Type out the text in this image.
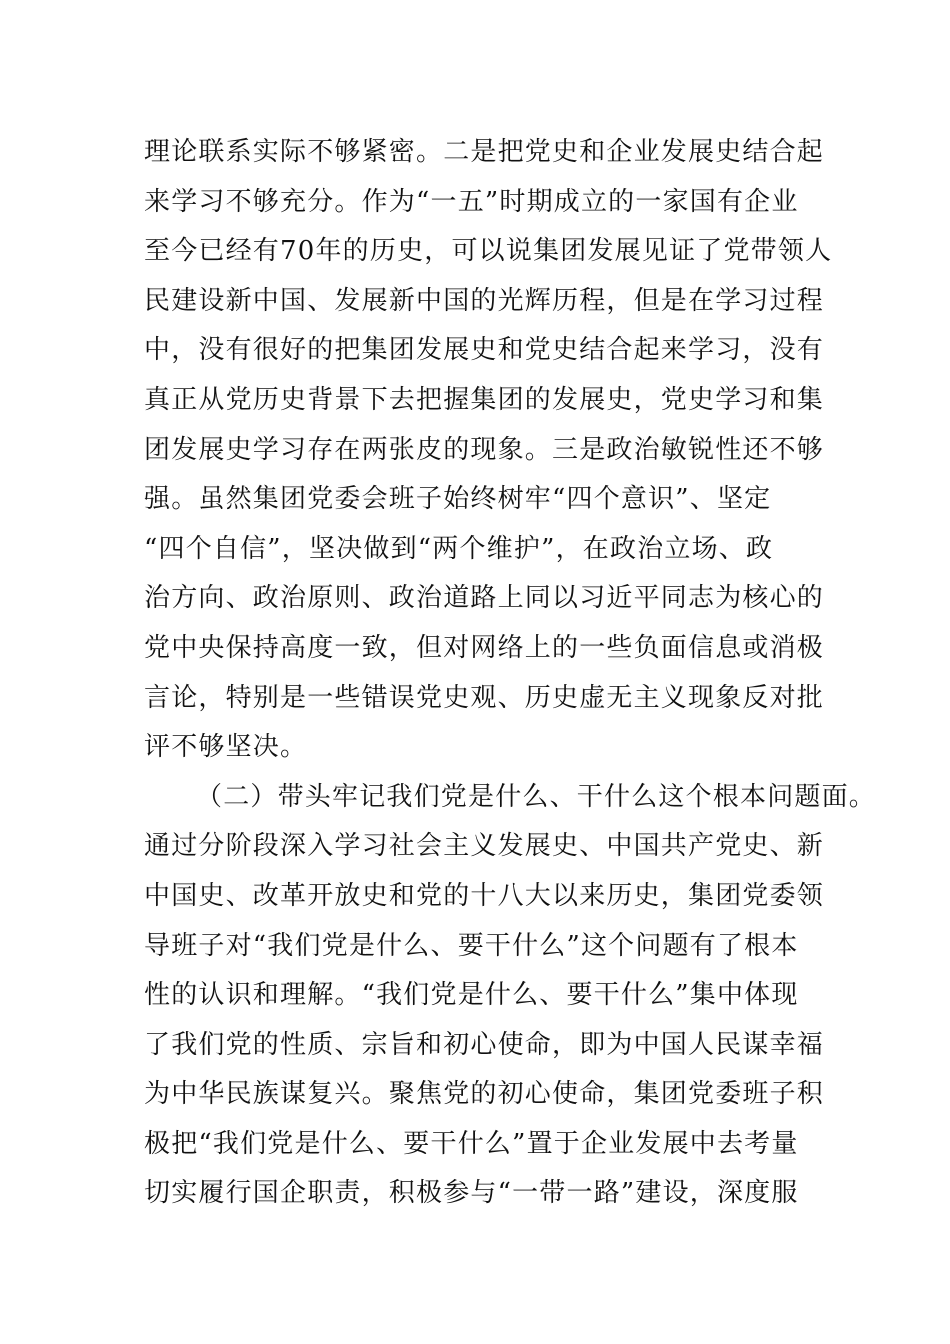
理论联系实际不够紧密。二是把党史和企业发展史结合起
来学习不够充分。作为“一五”时期成立的一家国有企业
至今已经有70年的历史，可以说集团发展见证了党带领人
民建设新中国、发展新中国的光辉历程，但是在学习过程
中，没有很好的把集团发展史和党史结合起来学习，没有
真正从党历史背景下去把握集团的发展史，党史学习和集
团发展史学习存在两张皮的现象。三是政治敏锐性还不够
强。虽然集团党委会班子始终树牢“四个意识”、坚定
“四个自信”，坚决做到“两个维护”，在政治立场、政
治方向、政治原则、政治道路上同以习近平同志为核心的
党中央保持高度一致，但对网络上的一些负面信息或消极
言论，特别是一些错误党史观、历史虚无主义现象反对批
评不够坚决。
（二）带头牢记我们党是什么、干什么这个根本问题面。
通过分阶段深入学习社会主义发展史、中国共产党史、新
中国史、改革开放史和党的十八大以来历史，集团党委领
导班子对“我们党是什么、要干什么”这个问题有了根本
性的认识和理解。“我们党是什么、要干什么”集中体现
了我们党的性质、宗旨和初心使命，即为中国人民谋幸福
为中华民族谋复兴。聚焦党的初心使命，集团党委班子积
极把“我们党是什么、要干什么”置于企业发展中去考量
切实履行国企职责，积极参与“一带一路”建设，深度服
